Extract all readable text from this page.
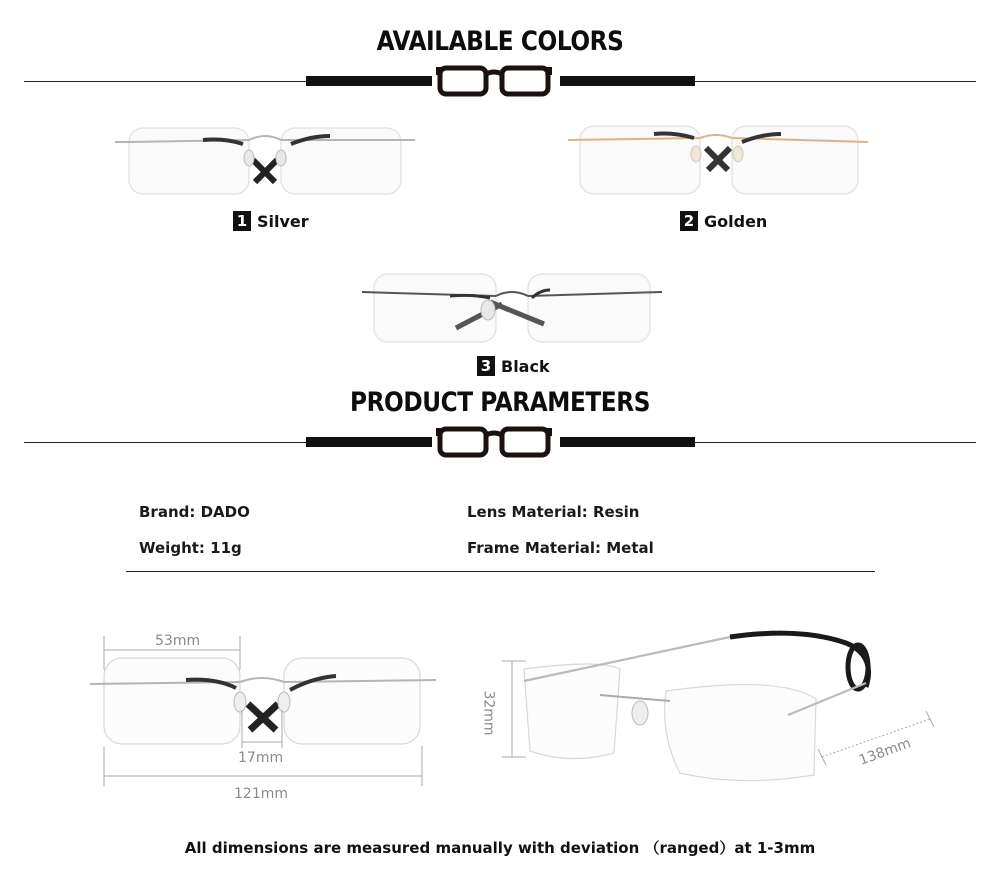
AVAILABLE COLORS
1 Silver	2 Golden
3 Black
PRODUCT PARAMETERS
Brand: DADO	Lens Material: Resin
Weight: 11g	Frame Material: Metal
53mm
17mm
121mm
32mm
138mm
All dimensions are measured manually with deviation （ranged）at 1-3mm
